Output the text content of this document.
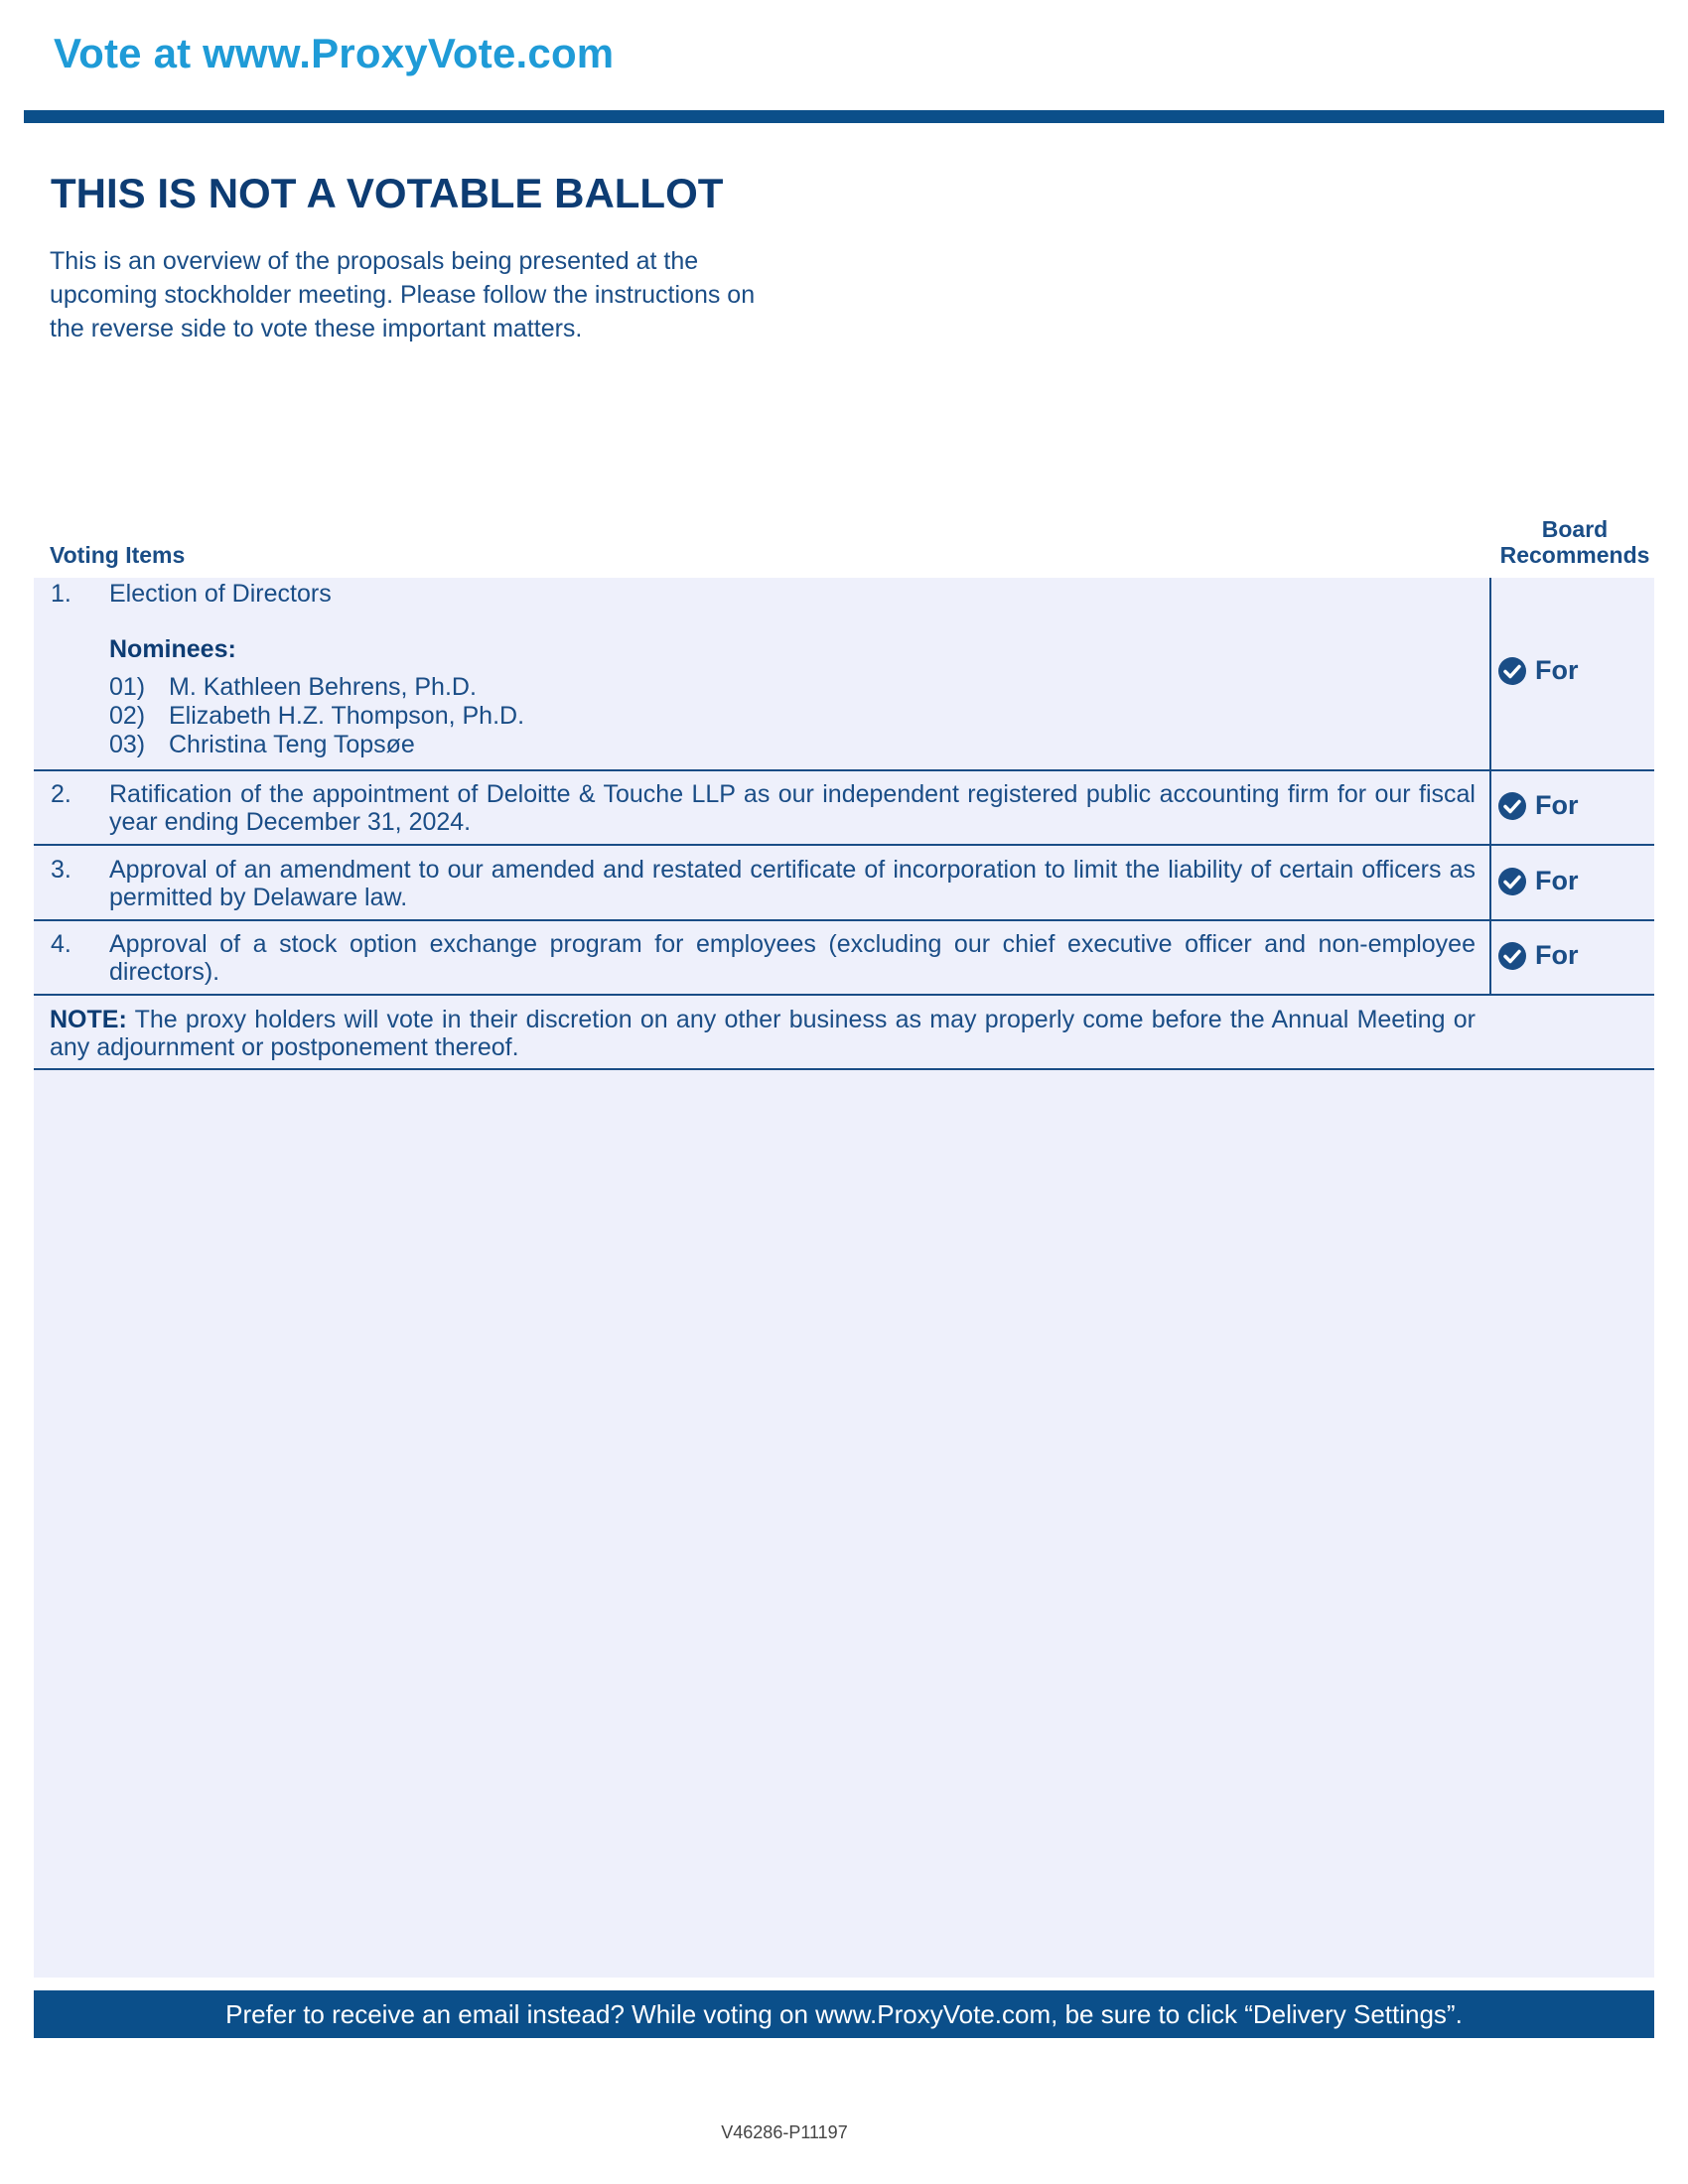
Vote at www.ProxyVote.com
THIS IS NOT A VOTABLE BALLOT
This is an overview of the proposals being presented at the
upcoming stockholder meeting. Please follow the instructions on
the reverse side to vote these important matters.
Voting Items
Board
Recommends
1. Election of Directors
Nominees:
01) M. Kathleen Behrens, Ph.D.
02) Elizabeth H.Z. Thompson, Ph.D.
03) Christina Teng Topsøe
For
2. Ratification of the appointment of Deloitte & Touche LLP as our independent registered public accounting firm for our fiscal year ending December 31, 2024.
For
3. Approval of an amendment to our amended and restated certificate of incorporation to limit the liability of certain officers as permitted by Delaware law.
For
4. Approval of a stock option exchange program for employees (excluding our chief executive officer and non-employee directors).
For
NOTE: The proxy holders will vote in their discretion on any other business as may properly come before the Annual Meeting or any adjournment or postponement thereof.
Prefer to receive an email instead? While voting on www.ProxyVote.com, be sure to click “Delivery Settings”.
V46286-P11197
